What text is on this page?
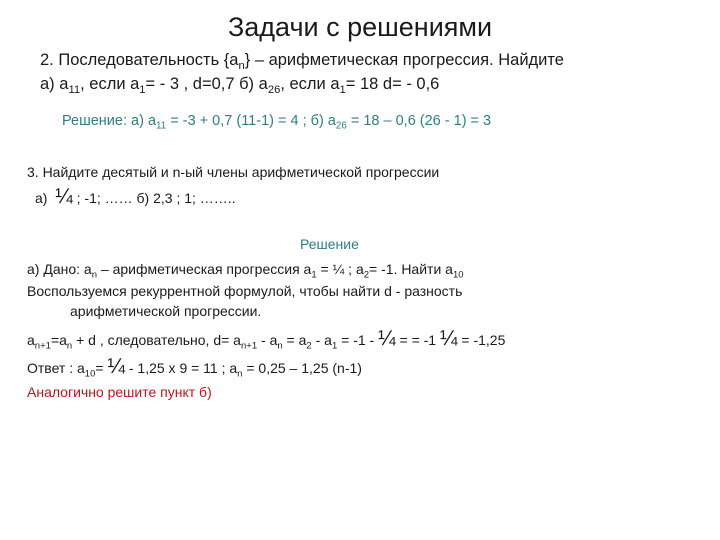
Задачи с решениями
2. Последовательность $\{a_n\}$ – арифметическая прогрессия. Найдите
а) $a_{11}$, если $a_1= - 3$ , d=0,7 б) $a_{26}$, если $a_1= 18$ d= - 0,6
Решение: а) $a_{11} = -3 + 0,7$ (11-1) = 4 ; б) $a_{26} = 18 - 0,6$ (26 - 1) = 3
3. Найдите десятый и n-ый члены арифметической прогрессии
а) ¼ ; -1; …… б) 2,3 ; 1; ……..
Решение
а) Дано: $a_n$ – арифметическая прогрессия $a_1$ = ¼ ; $a_2= -1$. Найти $a_{10}$
Воспользуемся рекуррентной формулой, чтобы найти d - разность
арифметической прогрессии.
$a_{n+1}=a_n + d$ , следовательно, $d= a_{n+1} - a_n = a_2 - a_1 = -1$ - ¼ = = -1 ¼ = -1,25
Ответ : $a_{10}=$ ¼ - 1,25 х 9 = 11 ; $a_n = 0,25 - 1,25$ (n-1)
Аналогично решите пункт б)
